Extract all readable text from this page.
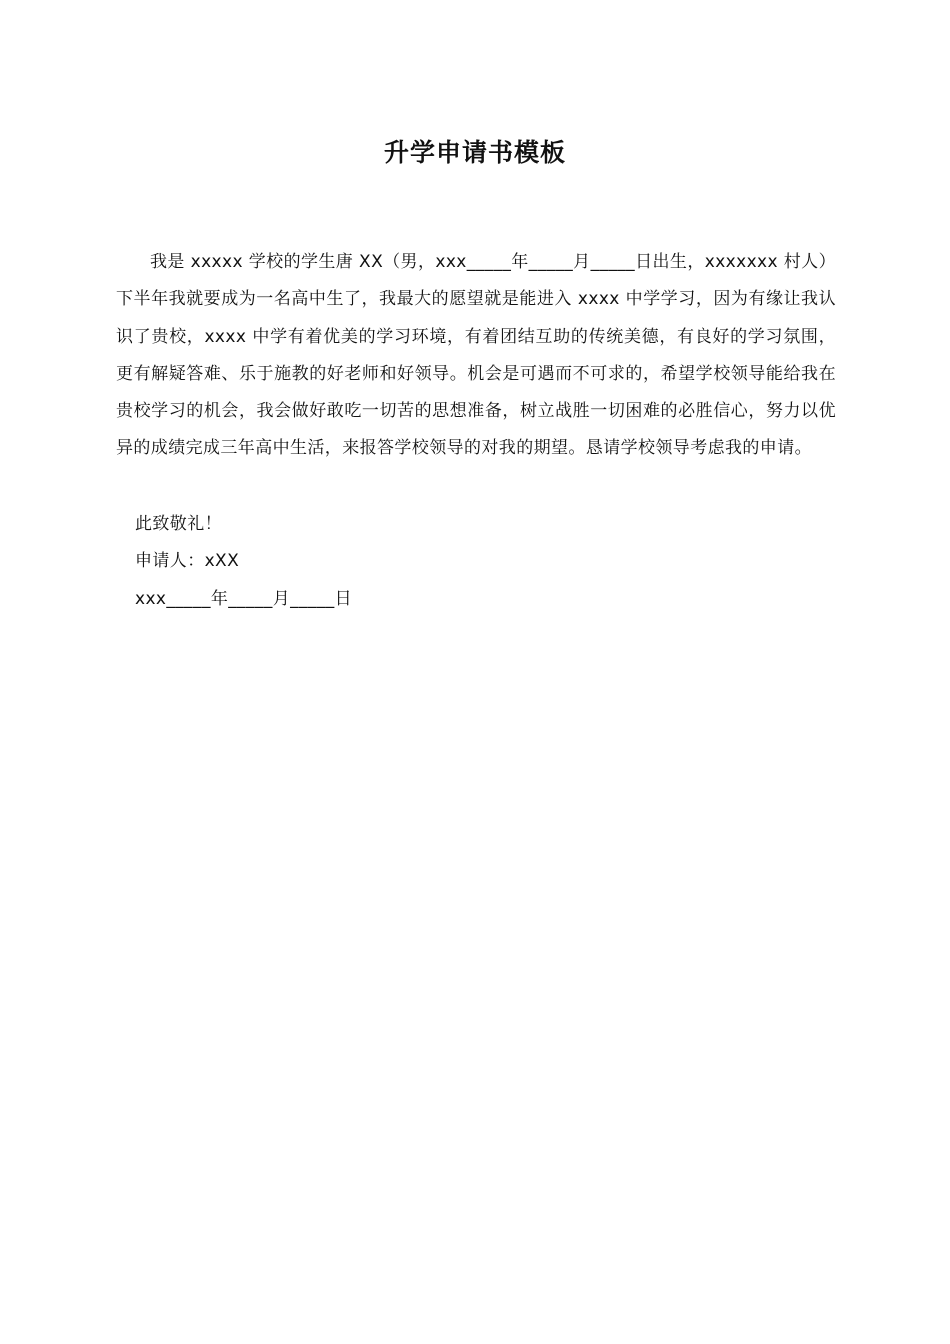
升学申请书模板

我是 xxxxx 学校的学生唐 XX（男，xxx_____年_____月_____日出生，xxxxxxx 村人）下半年我就要成为一名高中生了，我最大的愿望就是能进入 xxxx 中学学习，因为有缘让我认识了贵校，xxxx 中学有着优美的学习环境，有着团结互助的传统美德，有良好的学习氛围，更有解疑答难、乐于施教的好老师和好领导。机会是可遇而不可求的，希望学校领导能给我在贵校学习的机会，我会做好敢吃一切苦的思想准备，树立战胜一切困难的必胜信心，努力以优异的成绩完成三年高中生活，来报答学校领导的对我的期望。恳请学校领导考虑我的申请。

此致敬礼！
申请人：xXX
xxx_____年_____月_____日
